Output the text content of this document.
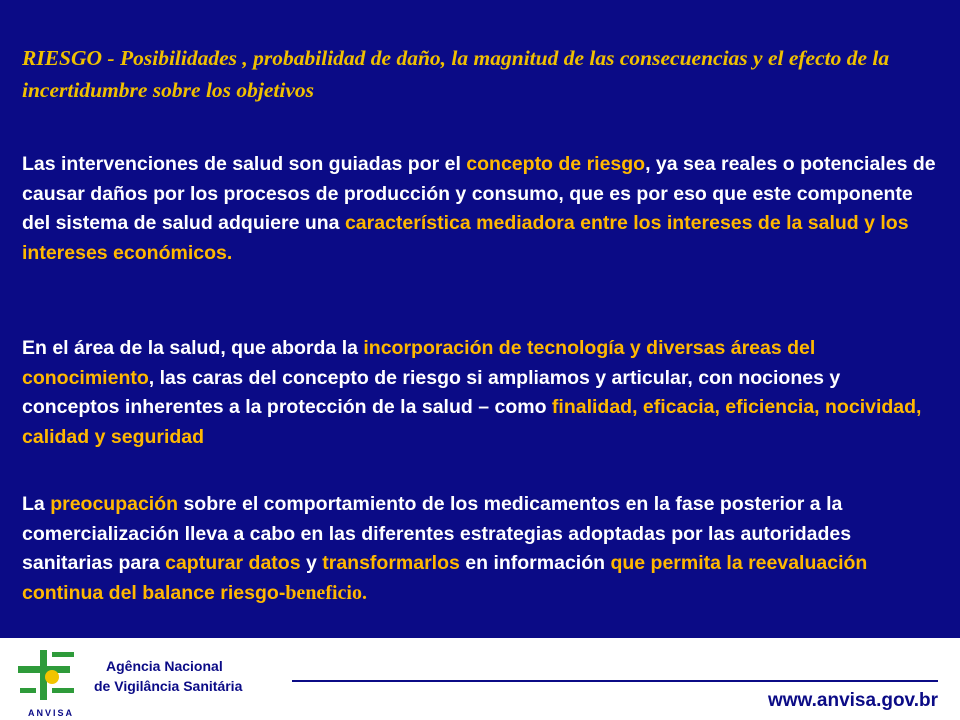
RIESGO - Posibilidades , probabilidad de daño, la magnitud de las consecuencias y el efecto de la incertidumbre sobre los objetivos

Las intervenciones de salud son guiadas por el concepto de riesgo, ya sea reales o potenciales de causar daños por los procesos de producción y consumo, que es por eso que este componente del sistema de salud adquiere una característica mediadora entre los intereses de la salud y los intereses económicos.

En el área de la salud, que aborda la incorporación de tecnología y diversas áreas del conocimiento, las caras del concepto de riesgo si ampliamos y articular, con nociones y conceptos inherentes a la protección de la salud – como finalidad, eficacia, eficiencia, nocividad, calidad y seguridad

La preocupación sobre el comportamiento de los medicamentos en la fase posterior a la comercialización lleva a cabo en las diferentes estrategias adoptadas por las autoridades sanitarias para capturar datos y transformarlos en información que permita la reevaluación continua del balance riesgo-beneficio.

ANVISA
Agência Nacional
de Vigilância Sanitária
www.anvisa.gov.br
